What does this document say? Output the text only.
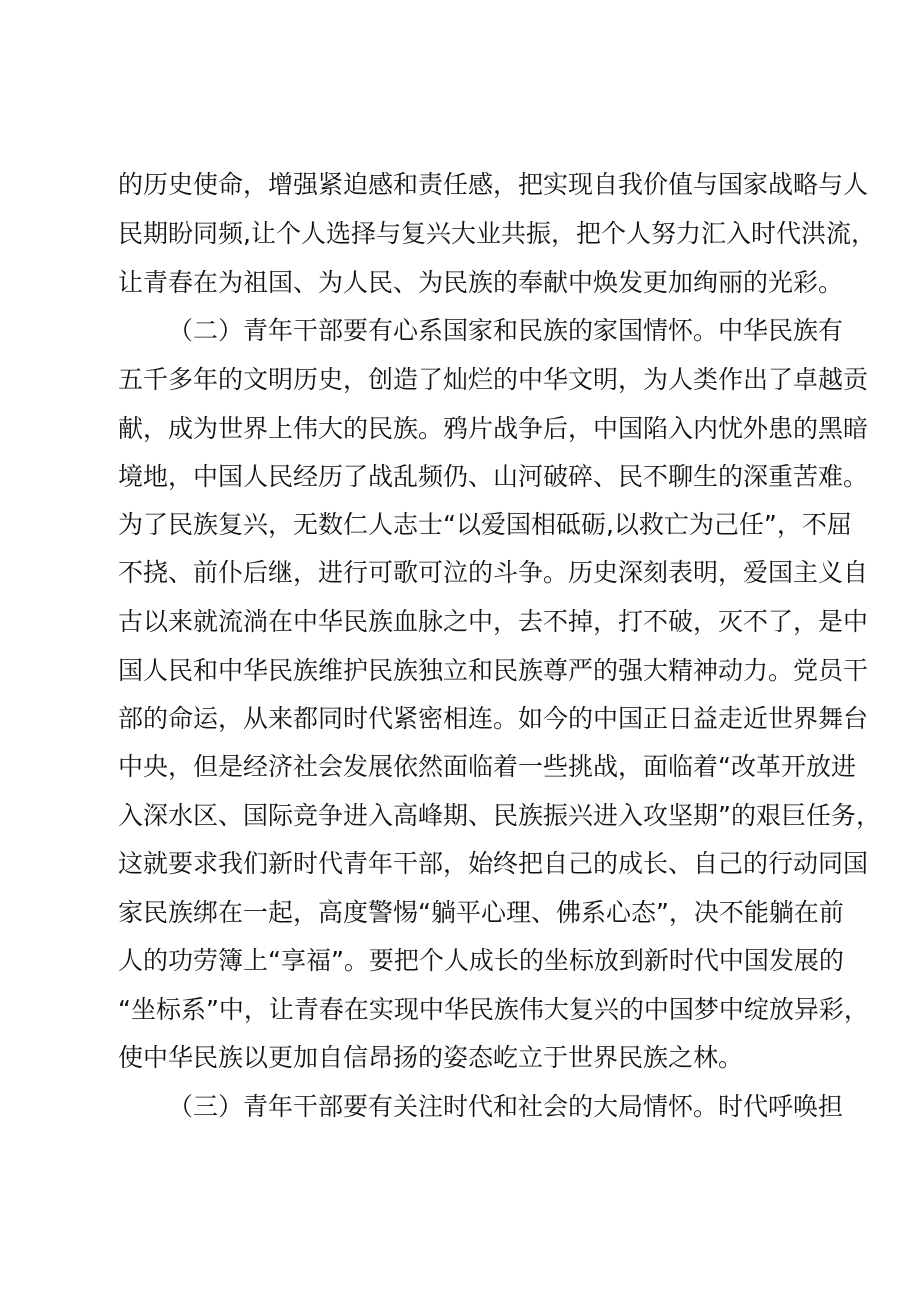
的历史使命，增强紧迫感和责任感，把实现自我价值与国家战略与人

民期盼同频,让个人选择与复兴大业共振，把个人努力汇入时代洪流，

让青春在为祖国、为人民、为民族的奉献中焕发更加绚丽的光彩。

（二）青年干部要有心系国家和民族的家国情怀。中华民族有

五千多年的文明历史，创造了灿烂的中华文明，为人类作出了卓越贡

献，成为世界上伟大的民族。鸦片战争后，中国陷入内忧外患的黑暗

境地，中国人民经历了战乱频仍、山河破碎、民不聊生的深重苦难。

为了民族复兴，无数仁人志士“以爱国相砥砺,以救亡为己任”，不屈

不挠、前仆后继，进行可歌可泣的斗争。历史深刻表明，爱国主义自

古以来就流淌在中华民族血脉之中，去不掉，打不破，灭不了，是中

国人民和中华民族维护民族独立和民族尊严的强大精神动力。党员干

部的命运，从来都同时代紧密相连。如今的中国正日益走近世界舞台

中央，但是经济社会发展依然面临着一些挑战，面临着“改革开放进

入深水区、国际竞争进入高峰期、民族振兴进入攻坚期”的艰巨任务，

这就要求我们新时代青年干部，始终把自己的成长、自己的行动同国

家民族绑在一起，高度警惕“躺平心理、佛系心态”，决不能躺在前

人的功劳簿上“享福”。要把个人成长的坐标放到新时代中国发展的

“坐标系”中，让青春在实现中华民族伟大复兴的中国梦中绽放异彩，

使中华民族以更加自信昂扬的姿态屹立于世界民族之林。

（三）青年干部要有关注时代和社会的大局情怀。时代呼唤担
